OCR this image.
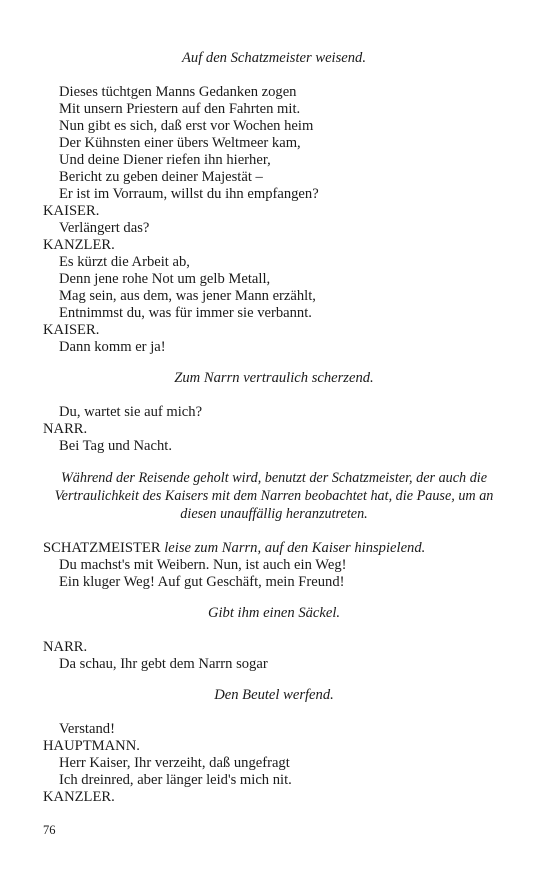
Auf den Schatzmeister weisend.

Dieses tüchtgen Manns Gedanken zogen

Mit unsern Priestern auf den Fahrten mit.

Nun gibt es sich, daß erst vor Wochen heim

Der Kühnsten einer übers Weltmeer kam,

Und deine Diener riefen ihn hierher,

Bericht zu geben deiner Majestät –

Er ist im Vorraum, willst du ihn empfangen?

KAISER.

Verlängert das?

KANZLER.

Es kürzt die Arbeit ab,

Denn jene rohe Not um gelb Metall,

Mag sein, aus dem, was jener Mann erzählt,

Entnimmst du, was für immer sie verbannt.

KAISER.

Dann komm er ja!

Zum Narrn vertraulich scherzend.

Du, wartet sie auf mich?

NARR.

Bei Tag und Nacht.

Während der Reisende geholt wird, benutzt der Schatzmeister, der auch die Vertraulichkeit des Kaisers mit dem Narren beobachtet hat, die Pause, um an diesen unauffällig heranzutreten.

SCHATZMEISTER leise zum Narrn, auf den Kaiser hinspielend.

Du machst's mit Weibern. Nun, ist auch ein Weg!

Ein kluger Weg! Auf gut Geschäft, mein Freund!

Gibt ihm einen Säckel.

NARR.

Da schau, Ihr gebt dem Narrn sogar

Den Beutel werfend.

Verstand!

HAUPTMANN.

Herr Kaiser, Ihr verzeiht, daß ungefragt

Ich dreinred, aber länger leid's mich nit.

KANZLER.

76
